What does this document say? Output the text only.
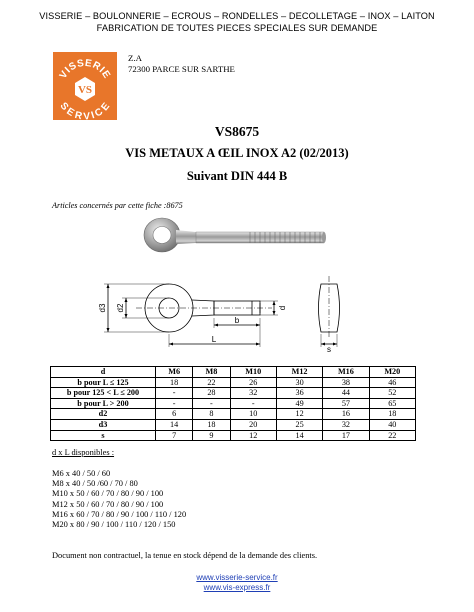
VISSERIE – BOULONNERIE – ECROUS – RONDELLES – DECOLLETAGE – INOX – LAITON
FABRICATION DE TOUTES PIECES SPECIALES SUR DEMANDE
VISSERIE
SERVICE
VS
Z.A
72300 PARCE SUR SARTHE
VS8675
VIS METAUX A ŒIL INOX A2 (02/2013)
Suivant DIN 444 B
Articles concernés par cette fiche :8675
d3 d2	d
b
L
s
d	M6	M8	M10	M12	M16	M20
b pour L ≤ 125	18	22	26	30	38	46
b pour 125 < L ≤ 200	-	28	32	36	44	52
b pour L > 200	-	-	-	49	57	65
d2	6	8	10	12	16	18
d3	14	18	20	25	32	40
s	7	9	12	14	17	22
d x L disponibles :
M6 x 40 / 50 / 60
M8 x 40 / 50 /60 / 70 / 80
M10 x 50 / 60 / 70 / 80 / 90 / 100
M12 x 50 / 60 / 70 / 80 / 90 / 100
M16 x 60 / 70 / 80 / 90 / 100 / 110 / 120
M20 x 80 / 90 / 100 / 110 / 120 / 150
Document non contractuel, la tenue en stock dépend de la demande des clients.
www.visserie-service.fr
www.vis-express.fr
